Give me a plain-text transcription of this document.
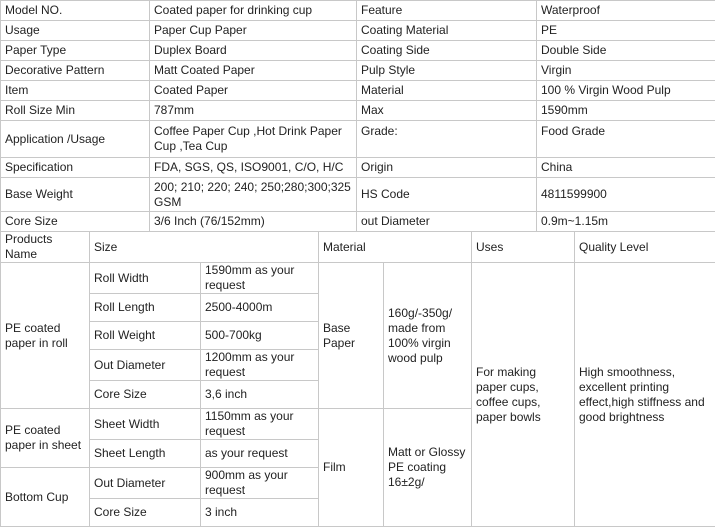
Model NO.	Coated paper for drinking cup	Feature	Waterproof
Usage	Paper Cup Paper	Coating Material	PE
Paper Type	Duplex Board	Coating Side	Double Side
Decorative Pattern	Matt Coated Paper	Pulp Style	Virgin
Item	Coated Paper	Material	100 % Virgin Wood Pulp
Roll Size Min	787mm	Max	1590mm
Application /Usage	Coffee Paper Cup ,Hot Drink Paper Cup ,Tea Cup	Grade:	Food Grade
Specification	FDA, SGS, QS, ISO9001, C/O, H/C	Origin	China
Base Weight	200; 210; 220; 240; 250;280;300;325 GSM	HS Code	4811599900
Core Size	3/6 Inch (76/152mm)	out Diameter	0.9m~1.15m
Products Name	Size		Material		Uses	Quality Level
PE coated paper in roll	Roll Width	1590mm as your request	Base Paper	160g/-350g/ made from 100% virgin wood pulp	For making paper cups, coffee cups, paper bowls	High smoothness, excellent printing effect,high stiffness and good brightness
	Roll Length	2500-4000m				
	Roll Weight	500-700kg				
	Out Diameter	1200mm as your request				
	Core Size	3,6 inch				
PE coated paper in sheet	Sheet Width	1150mm as your request	Film	Matt or Glossy PE coating 16±2g/		
	Sheet Length	as your request				
Bottom Cup	Out Diameter	900mm as your request				
	Core Size	3 inch				
